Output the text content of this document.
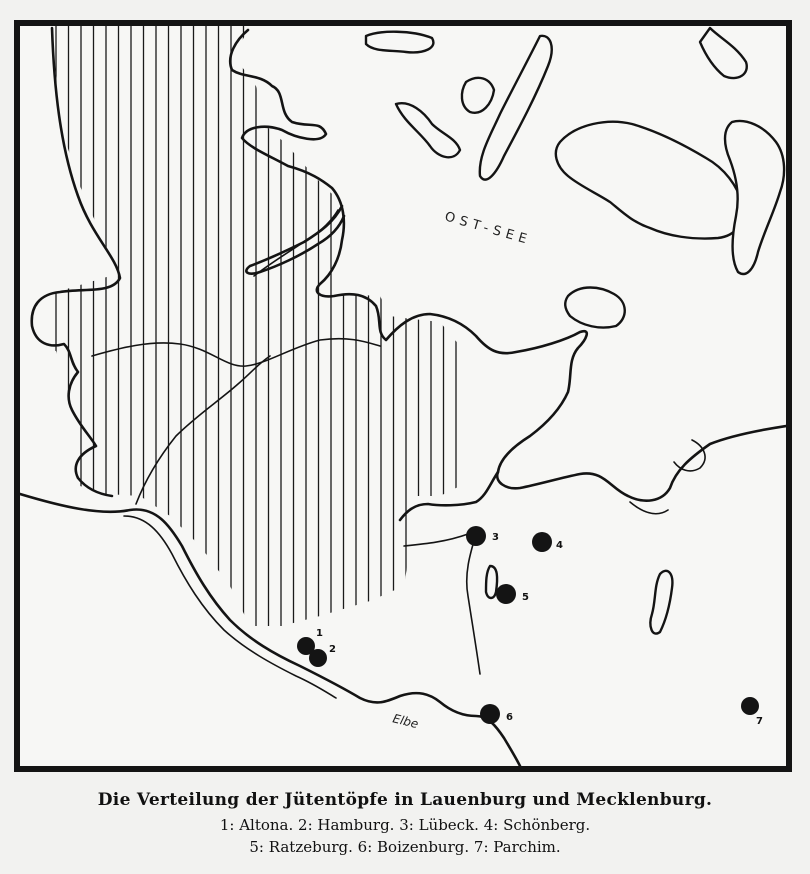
OST-SEE
Elbe
1
2
3
4
5
6	7
Die Verteilung der Jütentöpfe in Lauenburg und Mecklenburg.
1: Altona. 2: Hamburg. 3: Lübeck. 4: Schönberg.
5: Ratzeburg. 6: Boizenburg. 7: Parchim.
